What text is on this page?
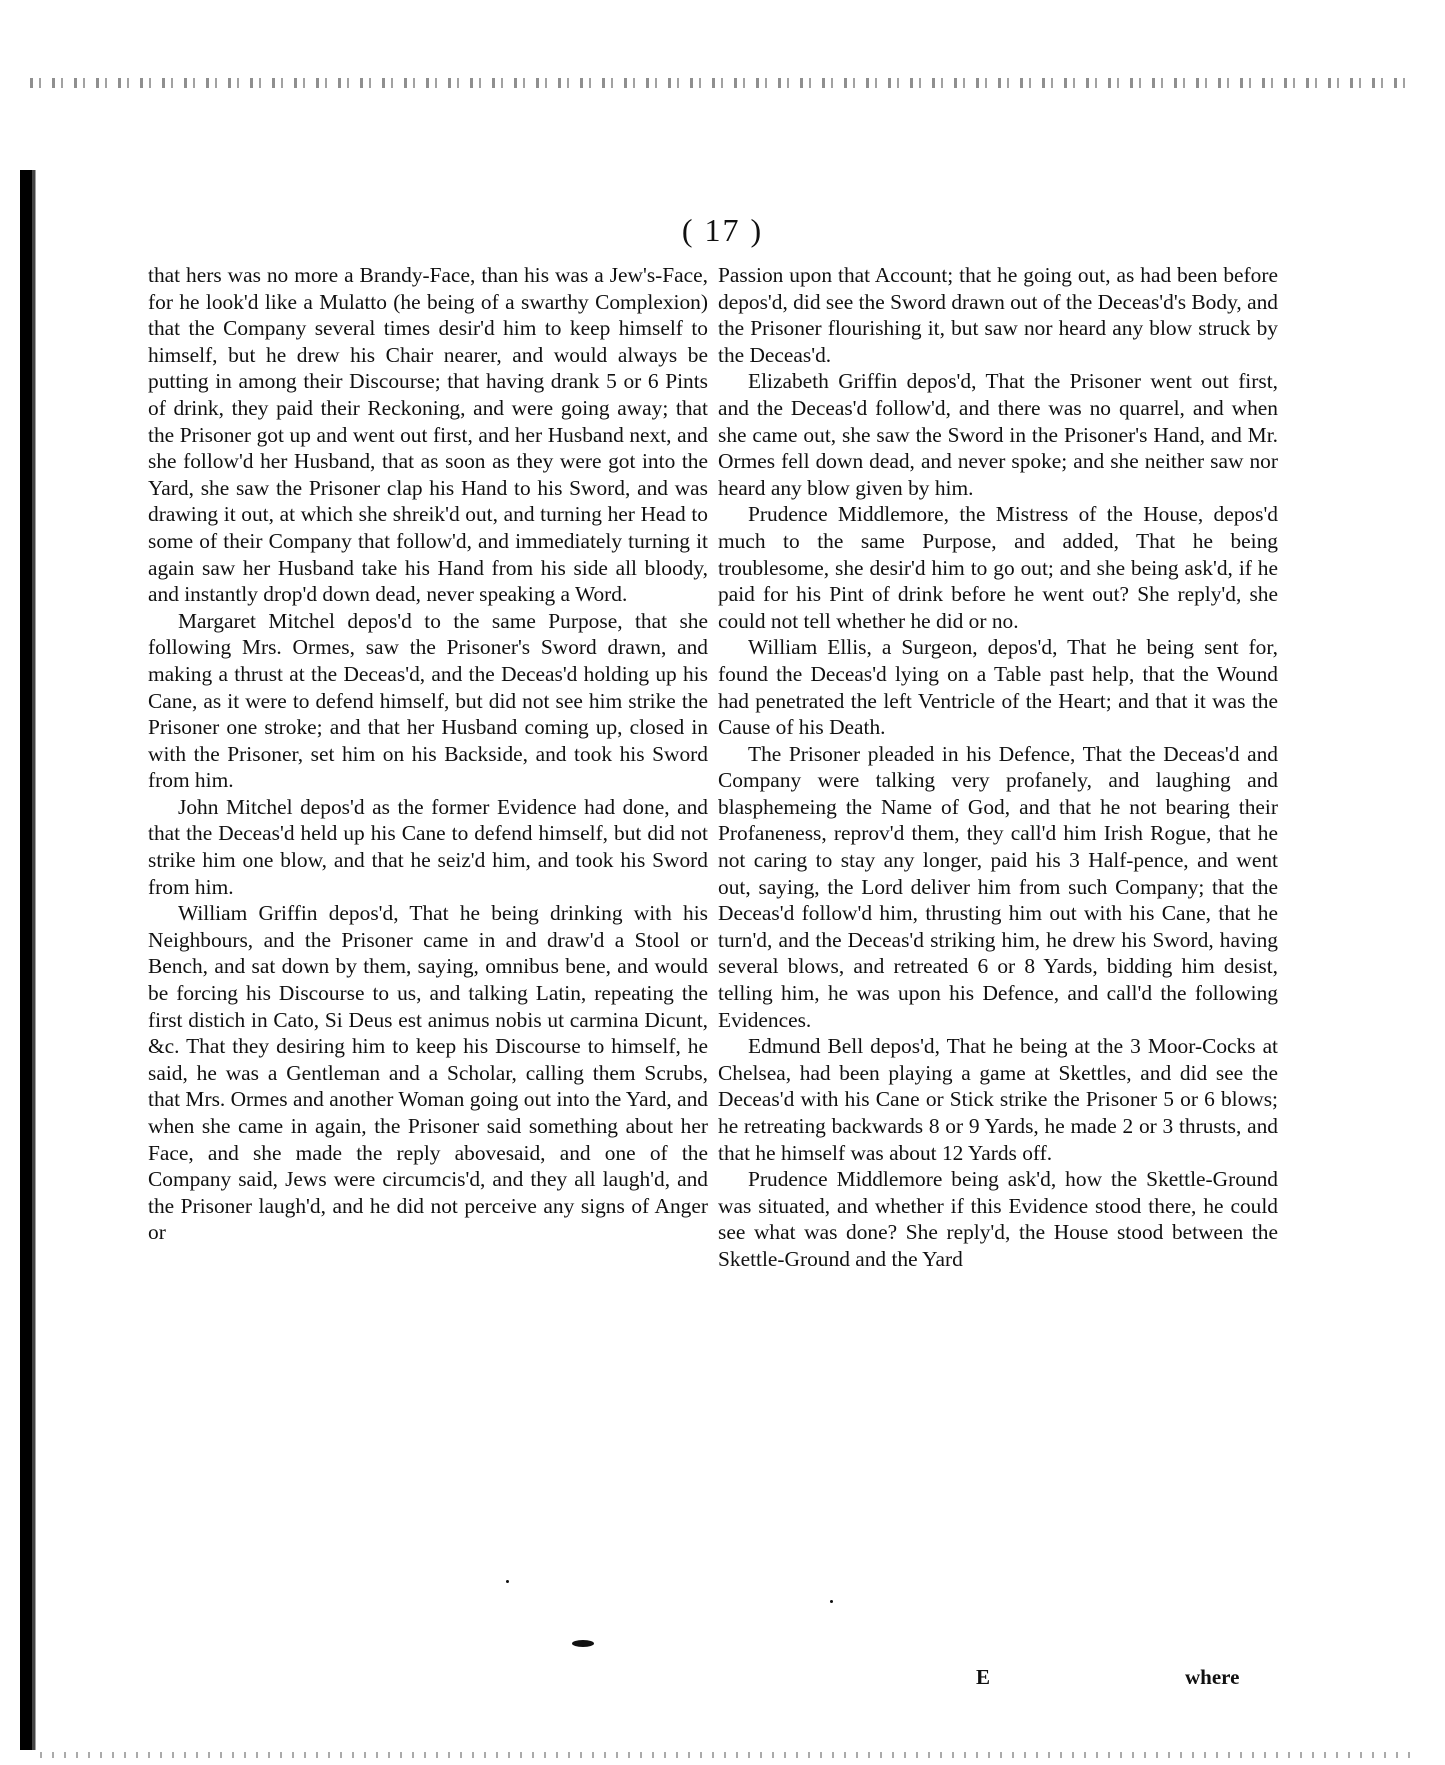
( 17 )

that hers was no more a Brandy-Face, than his was a Jew's-Face, for he look'd like a Mulatto (he being of a swarthy Complexion) that the Company several times desir'd him to keep himself to himself, but he drew his Chair nearer, and would always be putting in among their Discourse; that having drank 5 or 6 Pints of drink, they paid their Reckoning, and were going away; that the Prisoner got up and went out first, and her Husband next, and she follow'd her Husband, that as soon as they were got into the Yard, she saw the Prisoner clap his Hand to his Sword, and was drawing it out, at which she shreik'd out, and turning her Head to some of their Company that follow'd, and immediately turning it again saw her Husband take his Hand from his side all bloody, and instantly drop'd down dead, never speaking a Word.

Margaret Mitchel depos'd to the same Purpose, that she following Mrs. Ormes, saw the Prisoner's Sword drawn, and making a thrust at the Deceas'd, and the Deceas'd holding up his Cane, as it were to defend himself, but did not see him strike the Prisoner one stroke; and that her Husband coming up, closed in with the Prisoner, set him on his Backside, and took his Sword from him.

John Mitchel depos'd as the former Evidence had done, and that the Deceas'd held up his Cane to defend himself, but did not strike him one blow, and that he seiz'd him, and took his Sword from him.

William Griffin depos'd, That he being drinking with his Neighbours, and the Prisoner came in and draw'd a Stool or Bench, and sat down by them, saying, omnibus bene, and would be forcing his Discourse to us, and talking Latin, repeating the first distich in Cato, Si Deus est animus nobis ut carmina Dicunt, &c. That they desiring him to keep his Discourse to himself, he said, he was a Gentleman and a Scholar, calling them Scrubs, that Mrs. Ormes and another Woman going out into the Yard, and when she came in again, the Prisoner said something about her Face, and she made the reply abovesaid, and one of the Company said, Jews were circumcis'd, and they all laugh'd, and the Prisoner laugh'd, and he did not perceive any signs of Anger or

Passion upon that Account; that he going out, as had been before depos'd, did see the Sword drawn out of the Deceas'd's Body, and the Prisoner flourishing it, but saw nor heard any blow struck by the Deceas'd.

Elizabeth Griffin depos'd, That the Prisoner went out first, and the Deceas'd follow'd, and there was no quarrel, and when she came out, she saw the Sword in the Prisoner's Hand, and Mr. Ormes fell down dead, and never spoke; and she neither saw nor heard any blow given by him.

Prudence Middlemore, the Mistress of the House, depos'd much to the same Purpose, and added, That he being troublesome, she desir'd him to go out; and she being ask'd, if he paid for his Pint of drink before he went out? She reply'd, she could not tell whether he did or no.

William Ellis, a Surgeon, depos'd, That he being sent for, found the Deceas'd lying on a Table past help, that the Wound had penetrated the left Ventricle of the Heart; and that it was the Cause of his Death.

The Prisoner pleaded in his Defence, That the Deceas'd and Company were talking very profanely, and laughing and blasphemeing the Name of God, and that he not bearing their Profaneness, reprov'd them, they call'd him Irish Rogue, that he not caring to stay any longer, paid his 3 Half-pence, and went out, saying, the Lord deliver him from such Company; that the Deceas'd follow'd him, thrusting him out with his Cane, that he turn'd, and the Deceas'd striking him, he drew his Sword, having several blows, and retreated 6 or 8 Yards, bidding him desist, telling him, he was upon his Defence, and call'd the following Evidences.

Edmund Bell depos'd, That he being at the 3 Moor-Cocks at Chelsea, had been playing a game at Skettles, and did see the Deceas'd with his Cane or Stick strike the Prisoner 5 or 6 blows; he retreating backwards 8 or 9 Yards, he made 2 or 3 thrusts, and that he himself was about 12 Yards off.

Prudence Middlemore being ask'd, how the Skettle-Ground was situated, and whether if this Evidence stood there, he could see what was done? She reply'd, the House stood between the Skettle-Ground and the Yard

E	where
